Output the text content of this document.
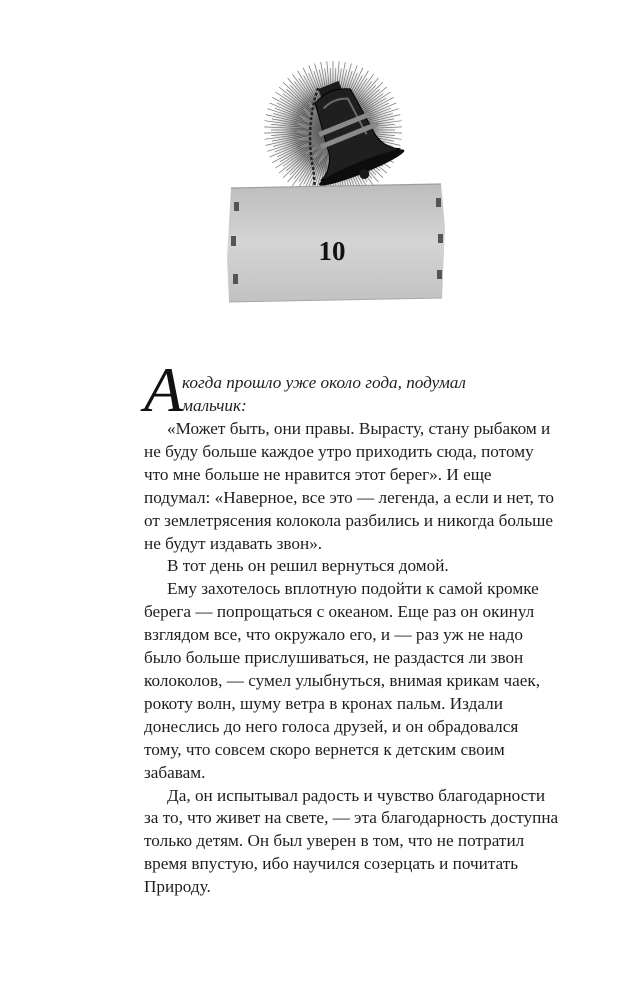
10
А
когда прошло уже около года, подумал
мальчик:

«Может быть, они правы. Вырасту, стану рыбаком и
не буду больше каждое утро приходить сюда, потому
что мне больше не нравится этот берег». И еще
подумал: «Наверное, все это — легенда, а если и нет, то
от землетрясения колокола разбились и никогда больше
не будут издавать звон».

В тот день он решил вернуться домой.

Ему захотелось вплотную подойти к самой кромке
берега — попрощаться с океаном. Еще раз он окинул
взглядом все, что окружало его, и — раз уж не надо
было больше прислушиваться, не раздастся ли звон
колоколов, — сумел улыбнуться, внимая крикам чаек,
рокоту волн, шуму ветра в кронах пальм. Издали
донеслись до него голоса друзей, и он обрадовался
тому, что совсем скоро вернется к детским своим
забавам.

Да, он испытывал радость и чувство благодарности
за то, что живет на свете, — эта благодарность доступна
только детям. Он был уверен в том, что не потратил
время впустую, ибо научился созерцать и почитать
Природу.
